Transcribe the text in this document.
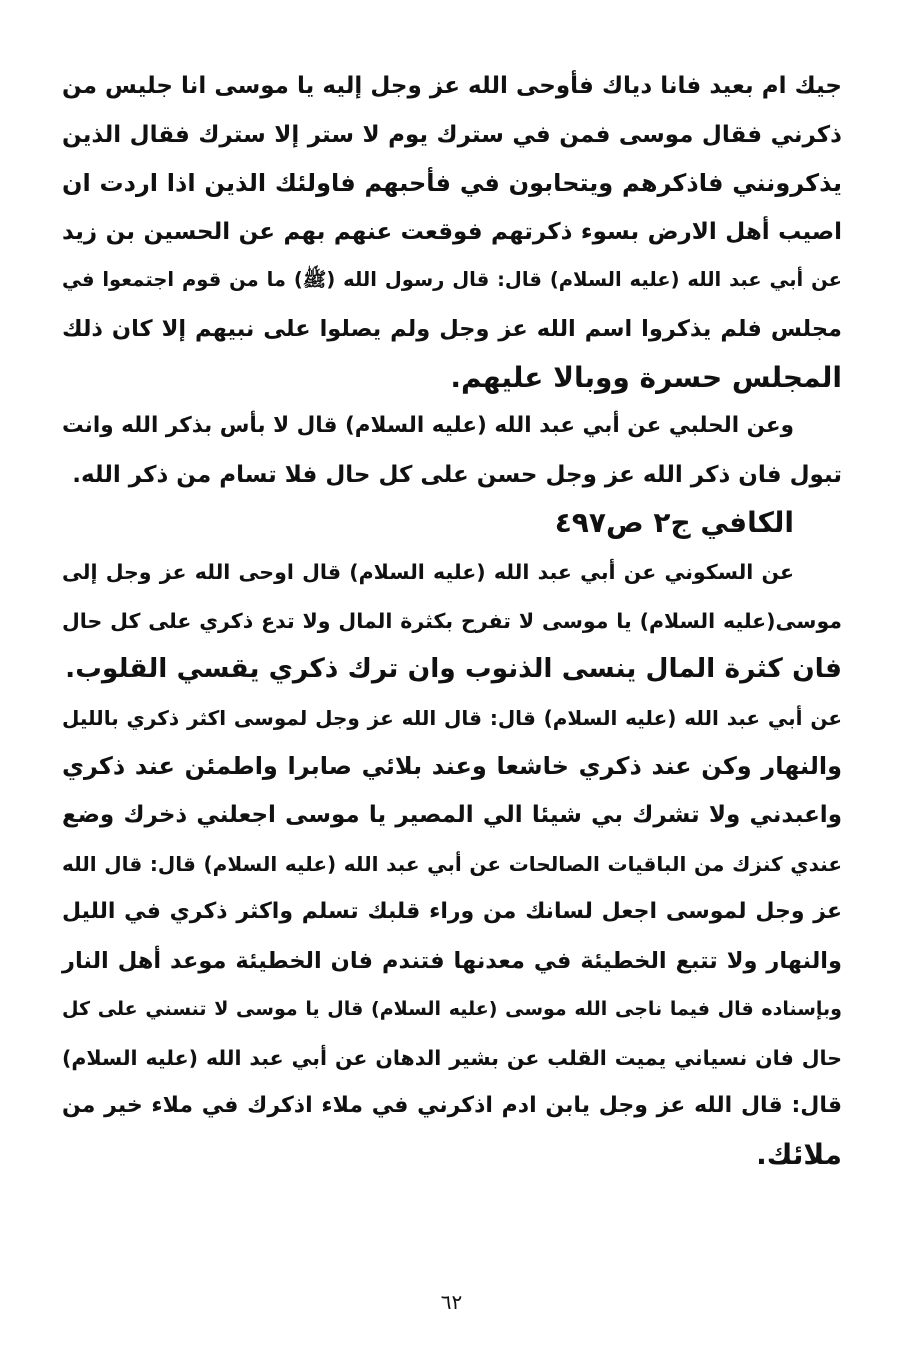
جيك ام بعيد فانا دياك فأوحى الله عز وجل إليه يا موسى انا جليس من
ذكرني فقال موسى فمن في سترك يوم لا ستر إلا سترك فقال الذين
يذكرونني فاذكرهم ويتحابون في فأحبهم فاولئك الذين اذا اردت ان
اصيب أهل الارض بسوء ذكرتهم فوقعت عنهم بهم عن الحسين بن زيد
عن أبي عبد الله (ﻋﻠﻴﻪ السلام) قال: قال رسول الله (ﷺ) ما من قوم اجتمعوا في
مجلس فلم يذكروا اسم الله عز وجل ولم يصلوا على نبيهم إلا كان ذلك
المجلس حسرة ووبالا عليهم.
وعن الحلبي عن أبي عبد الله (ﻋﻠﻴﻪ السلام) قال لا بأس بذكر الله وانت
تبول فان ذكر الله عز وجل حسن على كل حال فلا تسام من ذكر الله.
الكافي ج٢ ص٤٩٧
عن السكوني عن أبي عبد الله (ﻋﻠﻴﻪ السلام) قال اوحى الله عز وجل إلى
موسى(ﻋﻠﻴﻪ السلام) يا موسى لا تفرح بكثرة المال ولا تدع ذكري على كل حال
فان كثرة المال ينسى الذنوب وان ترك ذكري يقسي القلوب.
عن أبي عبد الله (ﻋﻠﻴﻪ السلام) قال: قال الله عز وجل لموسى اكثر ذكري بالليل
والنهار وكن عند ذكري خاشعا وعند بلائي صابرا واطمئن عند ذكري
واعبدني ولا تشرك بي شيئا الي المصير يا موسى اجعلني ذخرك وضع
عندي كنزك من الباقيات الصالحات عن أبي عبد الله (ﻋﻠﻴﻪ السلام) قال: قال الله
عز وجل لموسى اجعل لسانك من وراء قلبك تسلم واكثر ذكري في الليل
والنهار ولا تتبع الخطيئة في معدنها فتندم فان الخطيئة موعد أهل النار
وبإسناده قال فيما ناجى الله موسى (ﻋﻠﻴﻪ السلام) قال يا موسى لا تنسني على كل
حال فان نسياني يميت القلب عن بشير الدهان عن أبي عبد الله (ﻋﻠﻴﻪ السلام)
قال: قال الله عز وجل يابن ادم اذكرني في ملاء اذكرك في ملاء خير من
ملائك.
٦٢
